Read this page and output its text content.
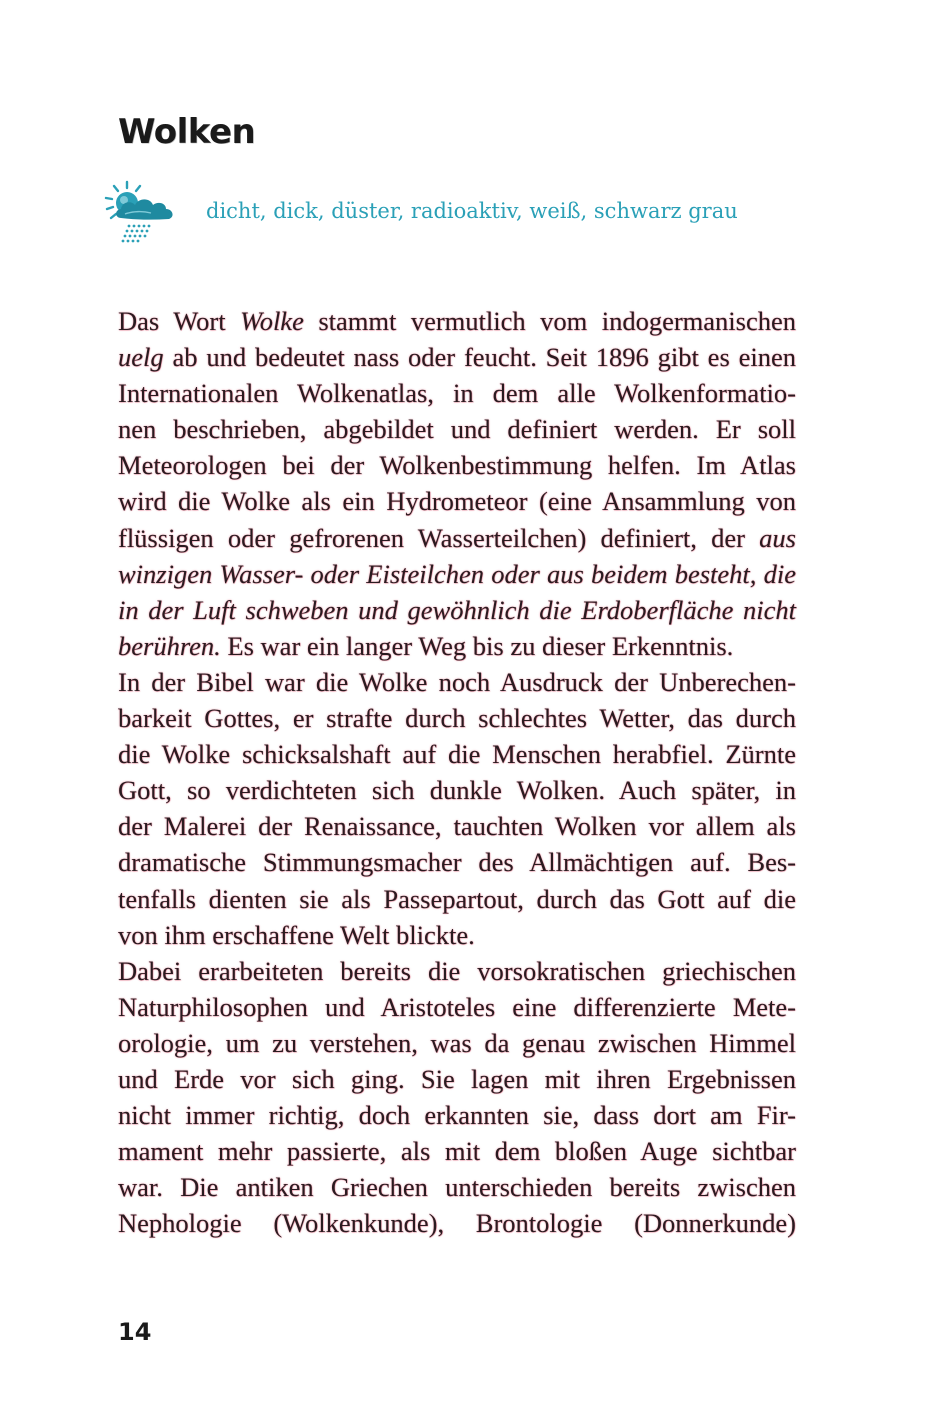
Wolken

dicht, dick, düster, radioaktiv, weiß, schwarz grau

Das Wort Wolke stammt vermutlich vom indogermanischen
uelg ab und bedeutet nass oder feucht. Seit 1896 gibt es einen
Internationalen Wolkenatlas, in dem alle Wolkenformatio-
nen beschrieben, abgebildet und definiert werden. Er soll
Meteorologen bei der Wolkenbestimmung helfen. Im Atlas
wird die Wolke als ein Hydrometeor (eine Ansammlung von
flüssigen oder gefrorenen Wasserteilchen) definiert, der aus
winzigen Wasser- oder Eisteilchen oder aus beidem besteht, die
in der Luft schweben und gewöhnlich die Erdoberfläche nicht
berühren. Es war ein langer Weg bis zu dieser Erkenntnis.
In der Bibel war die Wolke noch Ausdruck der Unberechen-
barkeit Gottes, er strafte durch schlechtes Wetter, das durch
die Wolke schicksalshaft auf die Menschen herabfiel. Zürnte
Gott, so verdichteten sich dunkle Wolken. Auch später, in
der Malerei der Renaissance, tauchten Wolken vor allem als
dramatische Stimmungsmacher des Allmächtigen auf. Bes-
tenfalls dienten sie als Passepartout, durch das Gott auf die
von ihm erschaffene Welt blickte.
Dabei erarbeiteten bereits die vorsokratischen griechischen
Naturphilosophen und Aristoteles eine differenzierte Mete-
orologie, um zu verstehen, was da genau zwischen Himmel
und Erde vor sich ging. Sie lagen mit ihren Ergebnissen
nicht immer richtig, doch erkannten sie, dass dort am Fir-
mament mehr passierte, als mit dem bloßen Auge sichtbar
war. Die antiken Griechen unterschieden bereits zwischen
Nephologie (Wolkenkunde), Brontologie (Donnerkunde)

14
